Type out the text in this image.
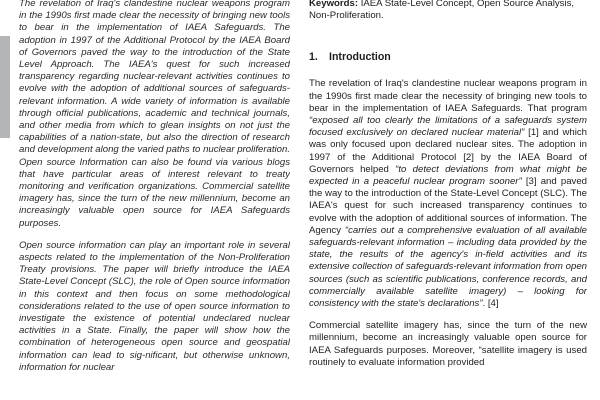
The revelation of Iraq's clandestine nuclear weapons program in the 1990s first made clear the necessity of bringing new tools to bear in the implementation of IAEA Safeguards. The adoption in 1997 of the Additional Protocol by the IAEA Board of Governors paved the way to the introduction of the State Level Approach. The IAEA's quest for such increased transparency regarding nuclear-relevant activities continues to evolve with the adoption of additional sources of safeguards-relevant information. A wide variety of information is available through official publications, academic and technical journals, and other media from which to glean insights on not just the capabilities of a nation-state, but also the direction of research and development along the varied paths to nuclear proliferation. Open source Information can also be found via various blogs that have particular areas of interest relevant to treaty monitoring and verification organizations. Commercial satellite imagery has, since the turn of the new millennium, become an increasingly valuable open source for IAEA Safeguards purposes.

Open source information can play an important role in several aspects related to the implementation of the Non-Proliferation Treaty provisions. The paper will briefly introduce the IAEA State-Level Concept (SLC), the role of Open source information in this context and then focus on some methodological considerations related to the use of open source information to investigate the existence of potential undeclared nuclear activities in a State. Finally, the paper will show how the combination of heterogeneous open source and geospatial information can lead to sig-nificant, but otherwise unknown, information for nuclear

Keywords: IAEA State-Level Concept, Open Source Analysis, Non-Proliferation.
1.	Introduction
The revelation of Iraq's clandestine nuclear weapons program in the 1990s first made clear the necessity of bringing new tools to bear in the implementation of IAEA Safeguards. That program “exposed all too clearly the limitations of a safeguards system focused exclusively on declared nuclear material” [1] and which was only focused upon declared nuclear sites. The adoption in 1997 of the Additional Protocol [2] by the IAEA Board of Governors helped “to detect deviations from what might be expected in a peaceful nuclear program sooner” [3] and paved the way to the introduction of the State-Level Concept (SLC). The IAEA's quest for such increased transparency continues to evolve with the adoption of additional sources of information. The Agency “carries out a comprehensive evaluation of all available safeguards-relevant information – including data provided by the state, the results of the agency's in-field activities and its extensive collection of safeguards-relevant information from open sources (such as scientific publications, conference records, and commercially available satellite imagery) – looking for consistency with the state's declarations”. [4]
Commercial satellite imagery has, since the turn of the new millennium, become an increasingly valuable open source for IAEA Safeguards purposes. Moreover, “satellite imagery is used routinely to evaluate information provided
